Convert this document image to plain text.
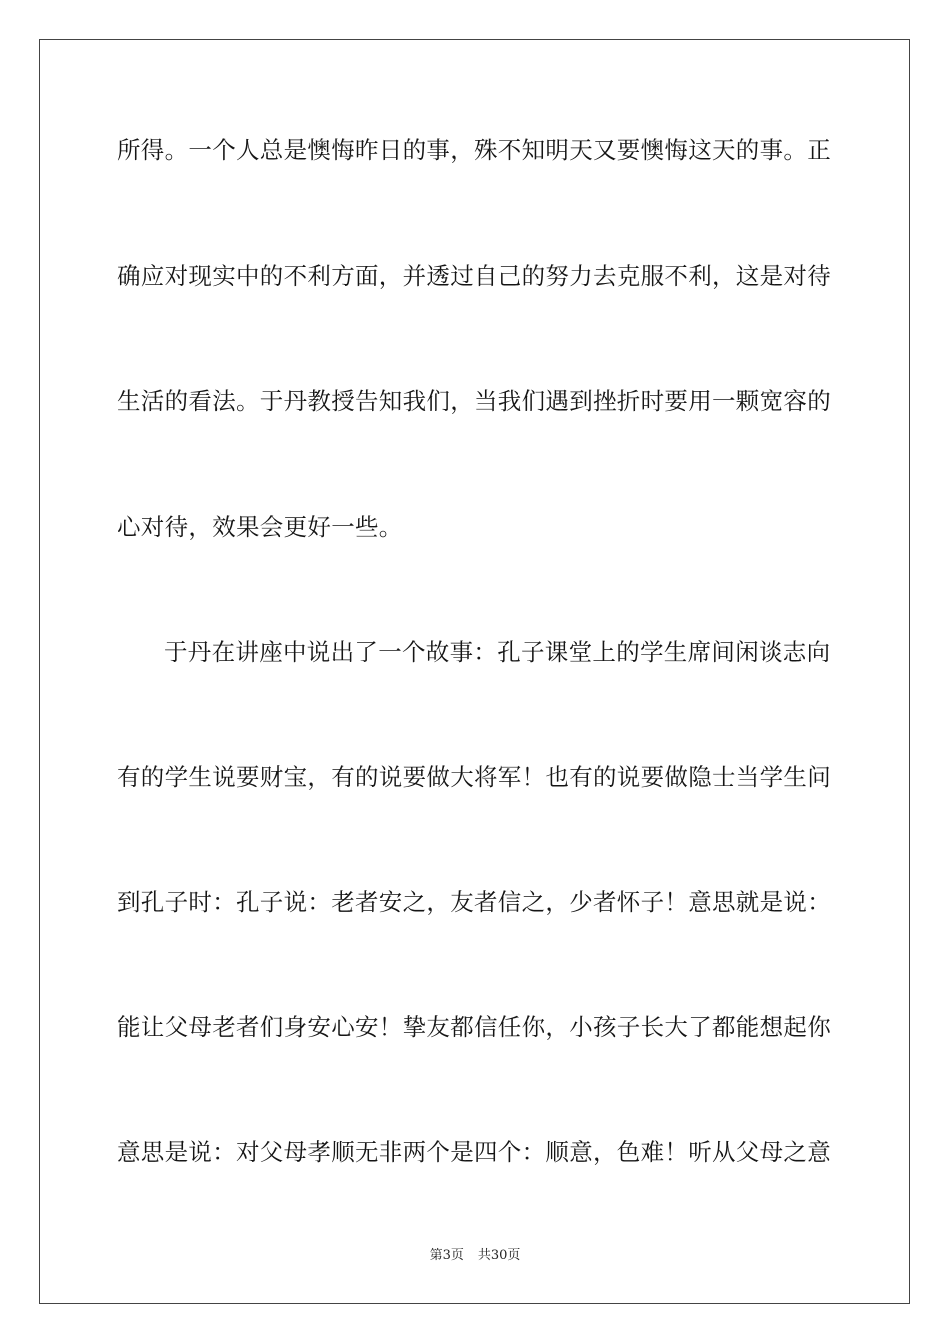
所得。一个人总是懊悔昨日的事，殊不知明天又要懊悔这天的事。正
确应对现实中的不利方面，并透过自己的努力去克服不利，这是对待
生活的看法。于丹教授告知我们，当我们遇到挫折时要用一颗宽容的
心对待，效果会更好一些。
于丹在讲座中说出了一个故事：孔子课堂上的学生席间闲谈志向
有的学生说要财宝，有的说要做大将军！也有的说要做隐士当学生问
到孔子时：孔子说：老者安之，友者信之，少者怀子！意思就是说：
能让父母老者们身安心安！挚友都信任你，小孩子长大了都能想起你
意思是说：对父母孝顺无非两个是四个：顺意，色难！听从父母之意
第3页 共30页
